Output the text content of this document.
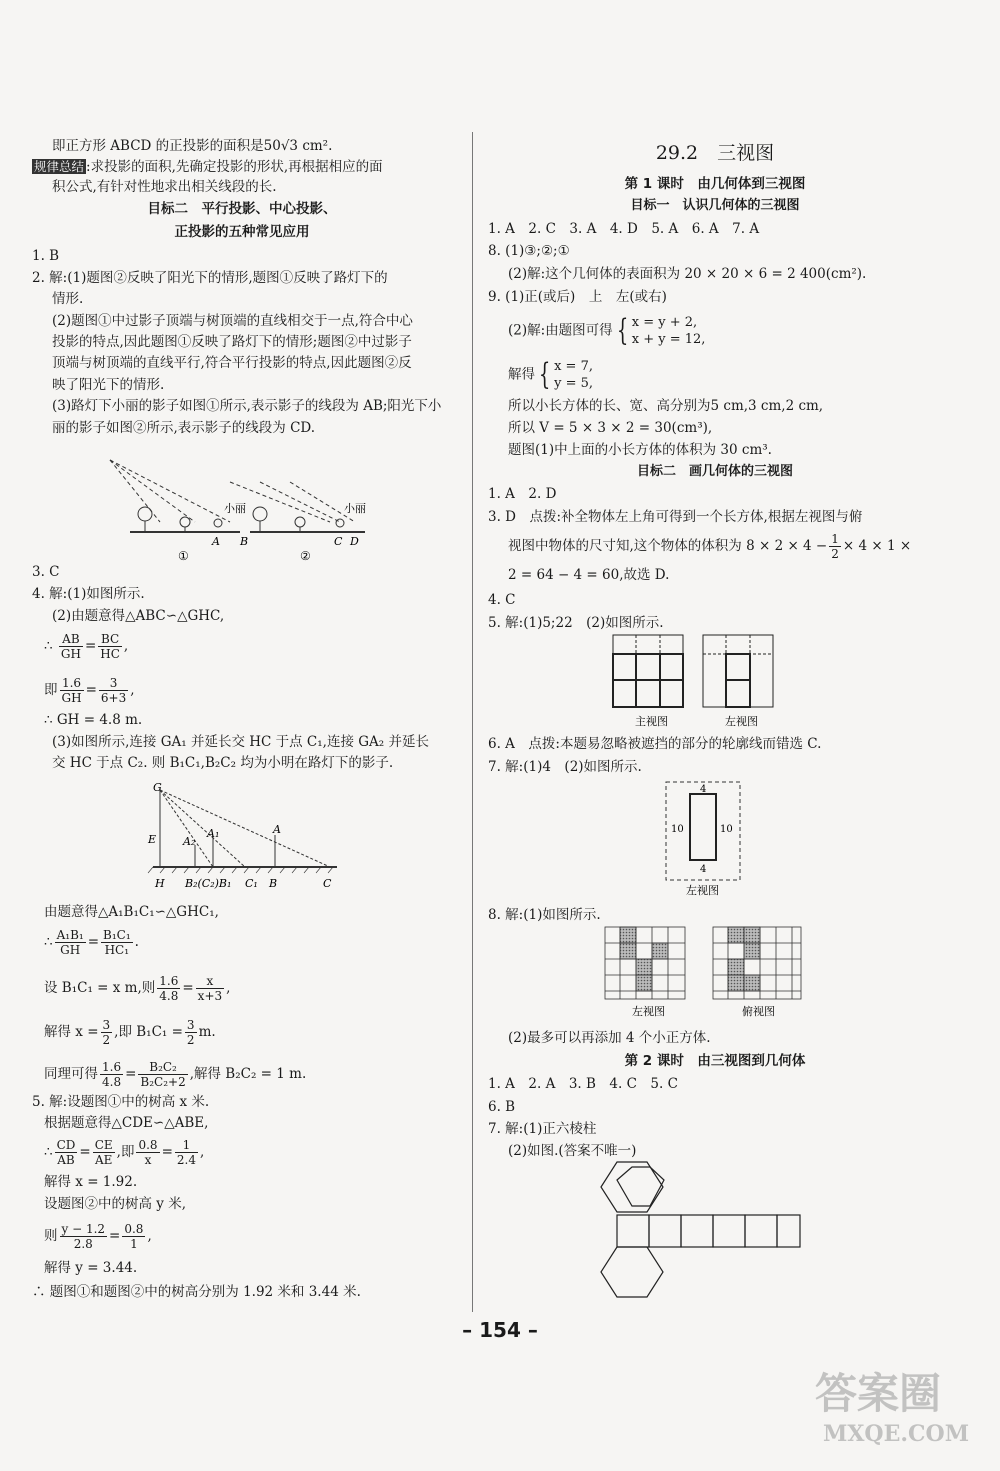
即正方形 ABCD 的正投影的面积是50√3 cm².
规律总结 :求投影的面积,先确定投影的形状,再根据相应的面
积公式,有针对性地求出相关线段的长.
目标二　平行投影、中心投影、
正投影的五种常见应用
1. B
2. 解:(1)题图②反映了阳光下的情形,题图①反映了路灯下的
情形.
(2)题图①中过影子顶端与树顶端的直线相交于一点,符合中心
投影的特点,因此题图①反映了路灯下的情形;题图②中过影子
顶端与树顶端的直线平行,符合平行投影的特点,因此题图②反
映了阳光下的情形.
(3)路灯下小丽的影子如图①所示,表示影子的线段为 AB;阳光下小
丽的影子如图②所示,表示影子的线段为 CD.
小丽	小丽
A B	C D
①	②
3. C
4. 解:(1)如图所示.
(2)由题意得△ABC∽△GHC,
∴ $\frac{AB}{GH} = \frac{BC}{HC}$ ,
即 $\frac{1.6}{GH} = \frac{3}{6+3}$ ,
∴ GH = 4.8 m.
(3)如图所示,连接 GA₁ 并延长交 HC 于点 C₁,连接 GA₂ 并延长
交 HC 于点 C₂. 则 B₁C₁,B₂C₂ 均为小明在路灯下的影子.
G
E A₂
A₁	A
H B₂(C₂)B₁ C₁ B	C
由题意得△A₁B₁C₁∽△GHC₁,
∴ $\frac{\text{A₁B₁}}{GH} = \frac{\text{B₁C₁}}{\text{HC₁}}$ .
设 B₁C₁ = x m,则 $\frac{1.6}{4.8} = \frac{x}{x+3}$ ,
解得 $x = \frac{3}{2}$ ,即 $B_1C_1 = \frac{3}{2} m$.
同理可得 $\frac{1.6}{4.8} = \frac{\text{B₂C₂}}{\text{B₂C₂+2}}$ ,解得 B₂C₂ = 1 m.
5. 解:设题图①中的树高 x 米.
根据题意得△CDE∽△ABE,
∴ $\frac{CD}{AB} = \frac{CE}{AE}$ ,即 $\frac{0.8}{x} = \frac{1}{2.4}$ ,
解得 x = 1.92.
设题图②中的树高 y 米,
则 $\frac{y - 1.2}{2.8} = \frac{0.8}{1}$ ,
解得 y = 3.44.
∴ 题图①和题图②中的树高分别为 1.92 米和 3.44 米.
29.2　三视图
第 1 课时　由几何体到三视图
目标一　认识几何体的三视图
1. A　2. C　3. A　4. D　5. A　6. A　7. A
8. (1)③;②;①
(2)解:这个几何体的表面积为 20 × 20 × 6 = 2 400(cm²).
9. (1)正(或后)　上　左(或右)
(2)解:由题图可得 { x = y + 2,
x + y = 12,
解得 { x = 7,
y = 5,
所以小长方体的长、宽、高分别为5 cm,3 cm,2 cm,
所以 V = 5 × 3 × 2 = 30(cm³),
题图(1)中上面的小长方体的体积为 30 cm³.
目标二　画几何体的三视图
1. A　2. D
3. D　点拨:补全物体左上角可得到一个长方体,根据左视图与俯
视图中物体的尺寸知,这个物体的体积为 $8 \times 2 \times 4 - \frac{1}{2} \times 4 \times 1$ ×
2 = 64 − 4 = 60,故选 D.
4. C
5. 解:(1)5;22　(2)如图所示.
主视图	左视图
6. A　点拨:本题易忽略被遮挡的部分的轮廓线而错选 C.
7. 解:(1)4　(2)如图所示.
4
4
10	10
左视图
8. 解:(1)如图所示.
左视图	俯视图
(2)最多可以再添加 4 个小正方体.
第 2 课时　由三视图到几何体
1. A　2. A　3. B　4. C　5. C
6. B
7. 解:(1)正六棱柱
(2)如图.(答案不唯一)
– 154 –
答案圈
MXQE.COM
